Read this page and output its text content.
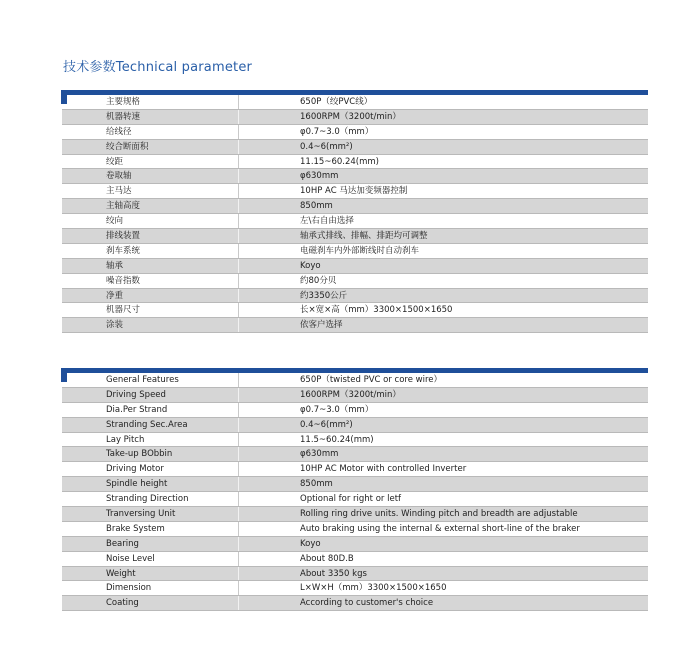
技术参数Technical parameter
主要规格	650P（绞PVC线）
机器转速	1600RPM（3200t/min）
给线径	φ0.7~3.0（mm）
绞合断面积	0.4~6(mm²)
绞距	11.15~60.24(mm)
卷取轴	φ630mm
主马达	10HP AC 马达加变频器控制
主轴高度	850mm
绞向	左\右自由选择
排线装置	轴承式排线、排幅、排距均可调整
刹车系统	电磁刹车内外部断线时自动刹车
轴承	Koyo
噪音指数	约80分贝
净重	约3350公斤
机器尺寸	长×宽×高（mm）3300×1500×1650
涂装	依客户选择
General Features	650P（twisted PVC or core wire）
Driving Speed	1600RPM（3200t/min）
Dia.Per Strand	φ0.7~3.0（mm）
Stranding Sec.Area	0.4~6(mm²)
Lay Pitch	11.5~60.24(mm)
Take-up BObbin	φ630mm
Driving Motor	10HP AC Motor with controlled Inverter
Spindle height	850mm
Stranding Direction	Optional for right or letf
Tranversing Unit	Rolling ring drive units. Winding pitch and breadth are adjustable
Brake System	Auto braking using the internal & external short-line of the braker
Bearing	Koyo
Noise Level	About 80D.B
Weight	About 3350 kgs
Dimension	L×W×H（mm）3300×1500×1650
Coating	According to customer's choice
